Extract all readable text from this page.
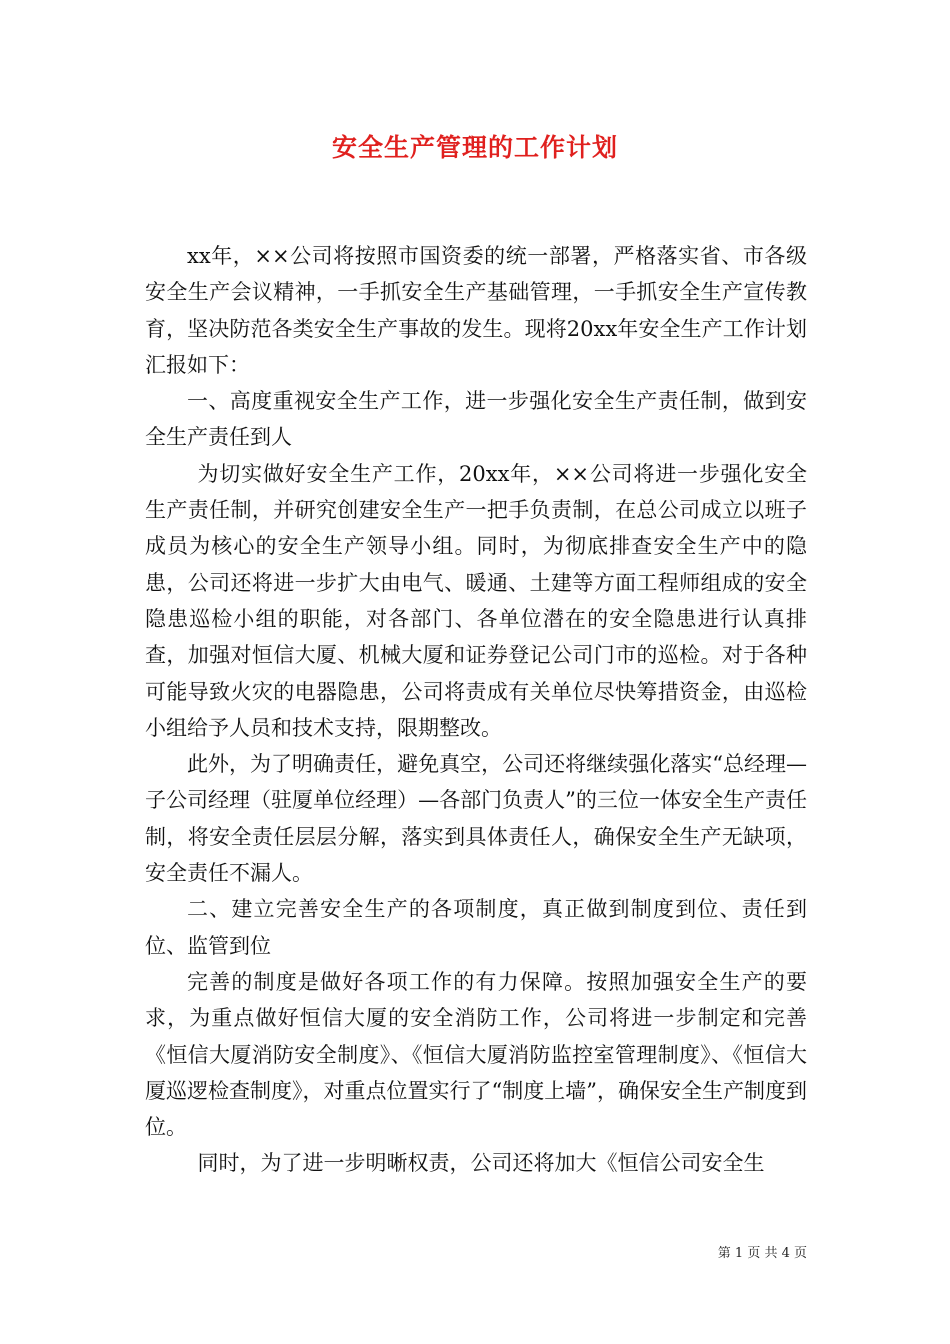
安全生产管理的工作计划

xx年，××公司将按照市国资委的统一部署，严格落实省、市各级安全生产会议精神，一手抓安全生产基础管理，一手抓安全生产宣传教育，坚决防范各类安全生产事故的发生。现将20xx年安全生产工作计划汇报如下：

一、高度重视安全生产工作，进一步强化安全生产责任制，做到安全生产责任到人

为切实做好安全生产工作，20xx年，××公司将进一步强化安全生产责任制，并研究创建安全生产一把手负责制，在总公司成立以班子成员为核心的安全生产领导小组。同时，为彻底排查安全生产中的隐患，公司还将进一步扩大由电气、暖通、土建等方面工程师组成的安全隐患巡检小组的职能，对各部门、各单位潜在的安全隐患进行认真排查，加强对恒信大厦、机械大厦和证券登记公司门市的巡检。对于各种可能导致火灾的电器隐患，公司将责成有关单位尽快筹措资金，由巡检小组给予人员和技术支持，限期整改。

此外，为了明确责任，避免真空，公司还将继续强化落实“总经理—子公司经理（驻厦单位经理）—各部门负责人”的三位一体安全生产责任制，将安全责任层层分解，落实到具体责任人，确保安全生产无缺项，安全责任不漏人。

二、建立完善安全生产的各项制度，真正做到制度到位、责任到位、监管到位

完善的制度是做好各项工作的有力保障。按照加强安全生产的要求，为重点做好恒信大厦的安全消防工作，公司将进一步制定和完善《恒信大厦消防安全制度》、《恒信大厦消防监控室管理制度》、《恒信大厦巡逻检查制度》，对重点位置实行了“制度上墙”，确保安全生产制度到位。

同时，为了进一步明晰权责，公司还将加大《恒信公司安全生

第 1 页 共 4 页
